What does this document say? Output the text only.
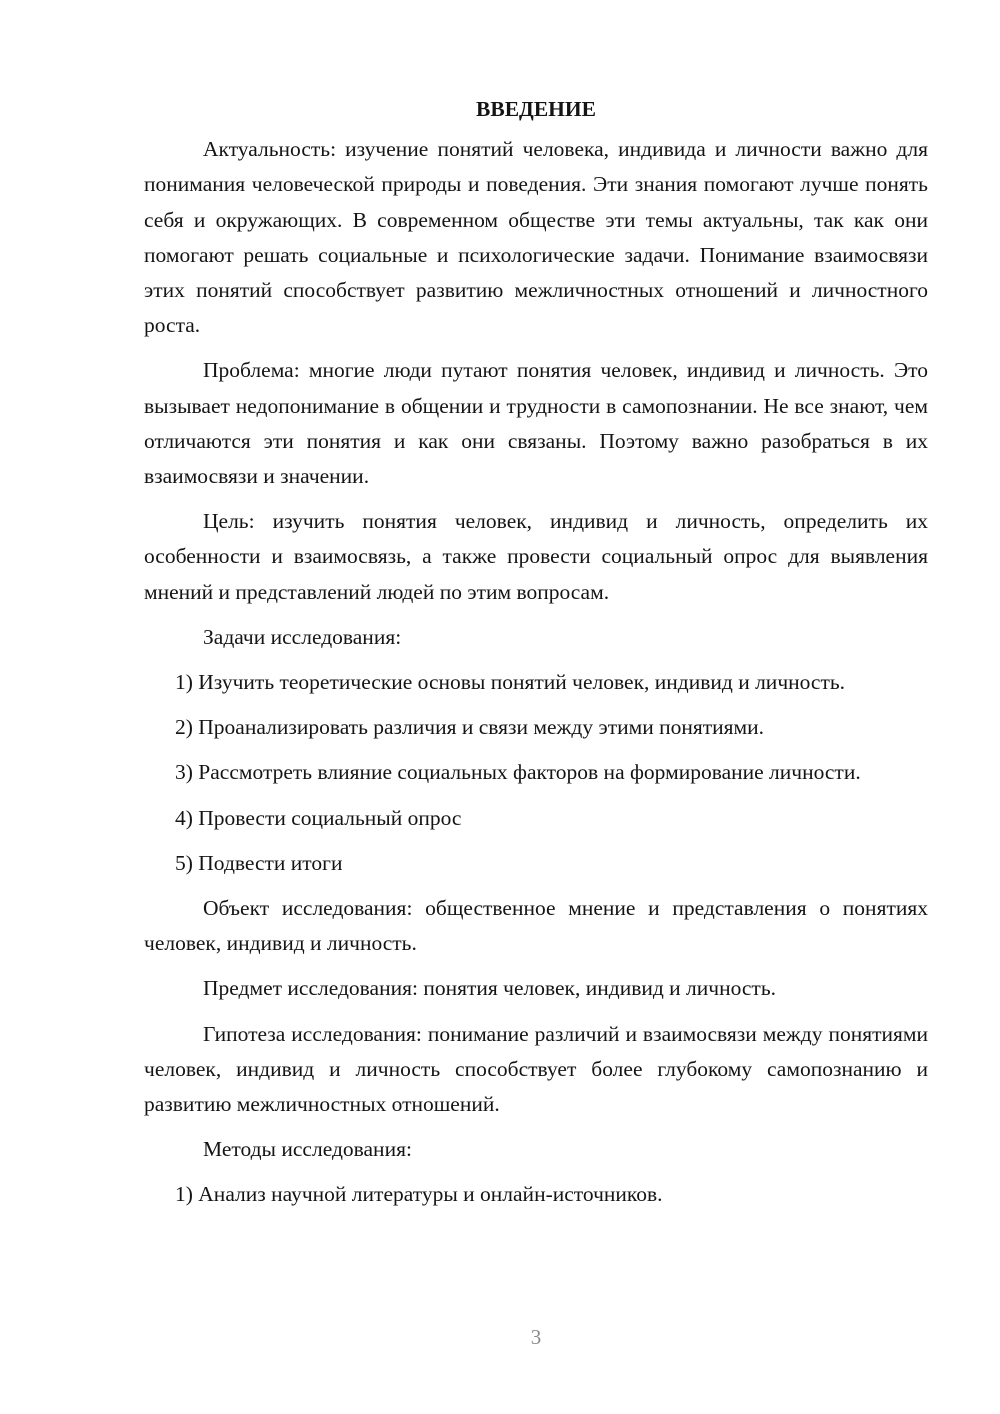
ВВЕДЕНИЕ

Актуальность: изучение понятий человека, индивида и личности важно для понимания человеческой природы и поведения. Эти знания помогают лучше понять себя и окружающих. В современном обществе эти темы актуальны, так как они помогают решать социальные и психологические задачи. Понимание взаимосвязи этих понятий способствует развитию межличностных отношений и личностного роста.

Проблема: многие люди путают понятия человек, индивид и личность. Это вызывает недопонимание в общении и трудности в самопознании. Не все знают, чем отличаются эти понятия и как они связаны. Поэтому важно разобраться в их взаимосвязи и значении.

Цель: изучить понятия человек, индивид и личность, определить их особенности и взаимосвязь, а также провести социальный опрос для выявления мнений и представлений людей по этим вопросам.

Задачи исследования:

1) Изучить теоретические основы понятий человек, индивид и личность.

2) Проанализировать различия и связи между этими понятиями.

3) Рассмотреть влияние социальных факторов на формирование личности.

4) Провести социальный опрос

5) Подвести итоги

Объект исследования: общественное мнение и представления о понятиях человек, индивид и личность.

Предмет исследования: понятия человек, индивид и личность.

Гипотеза исследования: понимание различий и взаимосвязи между понятиями человек, индивид и личность способствует более глубокому самопознанию и развитию межличностных отношений.

Методы исследования:

1) Анализ научной литературы и онлайн-источников.

3
